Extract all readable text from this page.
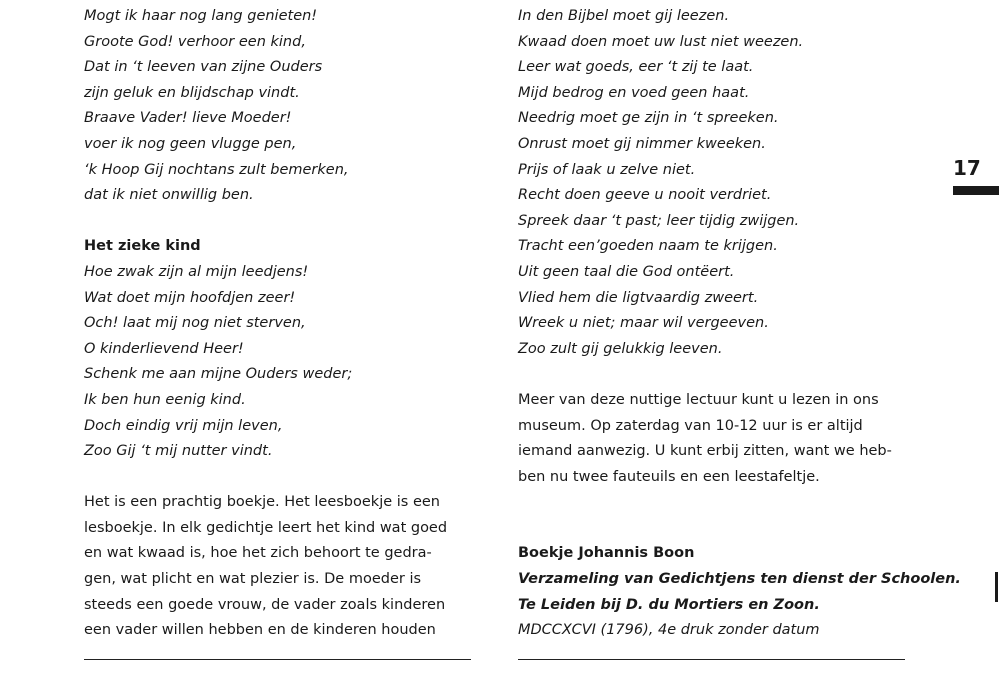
Mogt ik haar nog lang genieten!
Groote God! verhoor een kind,
Dat in ‘t leeven van zijne Ouders
zijn geluk en blijdschap vindt.
Braave Vader! lieve Moeder!
voer ik nog geen vlugge pen,
‘k Hoop Gij nochtans zult bemerken,
dat ik niet onwillig ben.
Het zieke kind
Hoe zwak zijn al mijn leedjens!
Wat doet mijn hoofdjen zeer!
Och! laat mij nog niet sterven,
O kinderlievend Heer!
Schenk me aan mijne Ouders weder;
Ik ben hun eenig kind.
Doch eindig vrij mijn leven,
Zoo Gij ‘t mij nutter vindt.
Het is een prachtig boekje. Het leesboekje is een
lesboekje. In elk gedichtje leert het kind wat goed
en wat kwaad is, hoe het zich behoort te gedra-
gen, wat plicht en wat plezier is. De moeder is
steeds een goede vrouw, de vader zoals kinderen
een vader willen hebben en de kinderen houden
In den Bijbel moet gij leezen.
Kwaad doen moet uw lust niet weezen.
Leer wat goeds, eer ‘t zij te laat.
Mijd bedrog en voed geen haat.
Needrig moet ge zijn in ‘t spreeken.
Onrust moet gij nimmer kweeken.
Prijs of laak u zelve niet.
Recht doen geeve u nooit verdriet.
Spreek daar ‘t past; leer tijdig zwijgen.
Tracht een’goeden naam te krijgen.
Uit geen taal die God ontëert.
Vlied hem die ligtvaardig zweert.
Wreek u niet; maar wil vergeeven.
Zoo zult gij gelukkig leeven.
Meer van deze nuttige lectuur kunt u lezen in ons
museum. Op zaterdag van 10-12 uur is er altijd
iemand aanwezig. U kunt erbij zitten, want we heb-
ben nu twee fauteuils en een leestafeltje.
Boekje Johannis Boon
Verzameling van Gedichtjens ten dienst der Schoolen.
Te Leiden bij D. du Mortiers en Zoon.
MDCCXCVI (1796), 4e druk zonder datum
17
